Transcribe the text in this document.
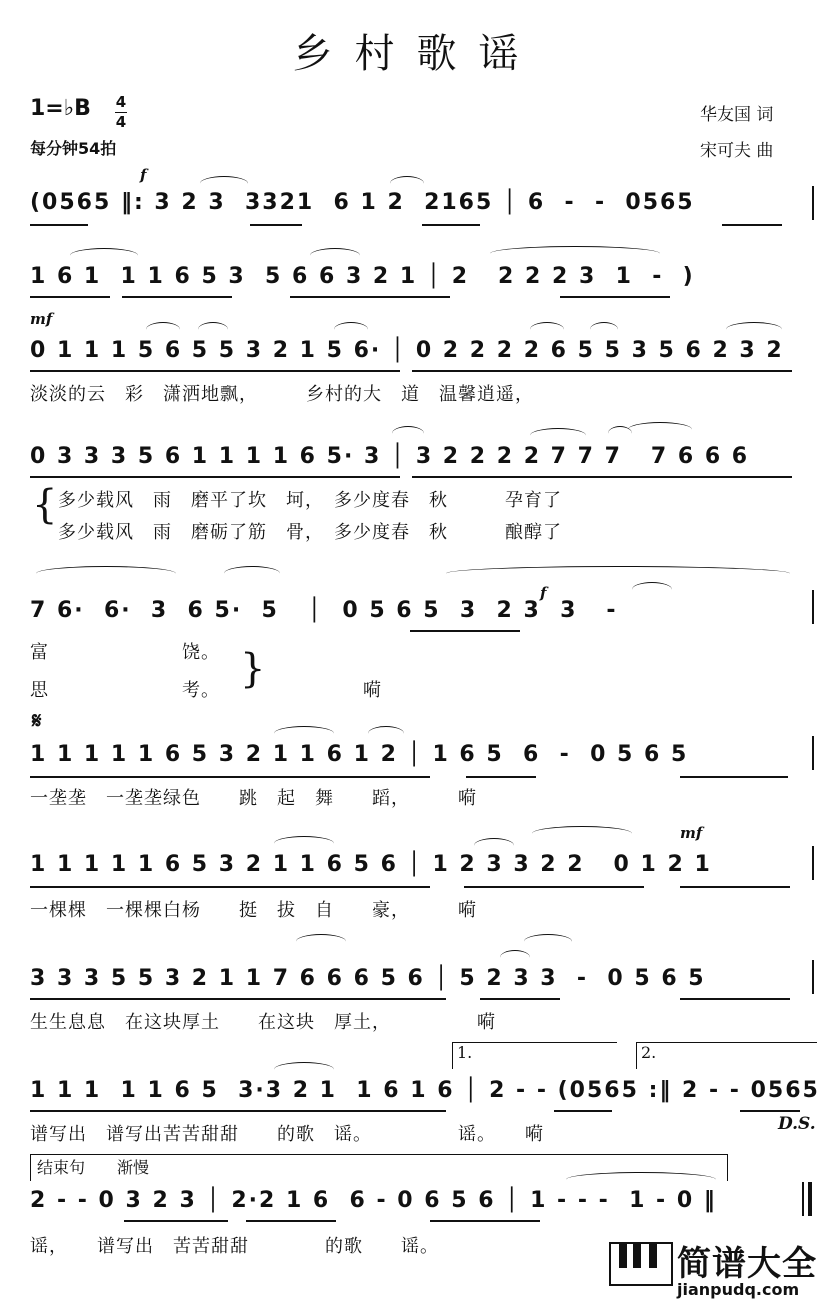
乡村歌谣
1=♭B 4
4
每分钟54拍
华友国 词
宋可夫 曲
f
(0565 ‖: 3 2 3  3321  6 1 2  2165 │ 6  -  -  0565
1 6 1  1 1 6 5 3  5 6 6 3 2 1 │ 2   2 2 2 3  1  -  )
mf
0 1 1 1 5 6 5 5 3 2 1 5 6· │ 0 2 2 2 2 6 5 5 3 5 6 2 3 2
淡淡的云　彩　潇洒地飘，　　　乡村的大　道　温馨逍遥，
0 3 3 3 5 6 1 1 1 1 6 5· 3 │ 3 2 2 2 2 7 7 7   7 6 6 6
多少载风　雨　磨平了坎　坷，　多少度春　秋　　　孕育了
多少载风　雨　磨砺了筋　骨，　多少度春　秋　　　酿醇了
{
f
7 6·  6·  3  6 5·  5   │  0 5 6 5  3  2 3  3   -
富　　　　　　　饶。
思　　　　　　　考。　　　　　　　　嗬
}
𝄋
1 1 1 1 1 6 5 3 2 1 1 6 1 2 │ 1 6 5  6  -  0 5 6 5
一垄垄　一垄垄绿色　　跳　起　舞　　蹈，　　　嗬
mf
1 1 1 1 1 6 5 3 2 1 1 6 5 6 │ 1 2 3 3 2 2   0 1 2 1
一棵棵　一棵棵白杨　　挺　拔　自　　豪，　　　嗬
3 3 3 5 5 3 2 1 1 7 6 6 6 5 6 │ 5 2 3 3  -  0 5 6 5
生生息息　在这块厚土　　在这块　厚土，　　　　　嗬
1.	2.
1 1 1  1 1 6 5  3·3 2 1  1 6 1 6 │ 2 - - (0565 :‖ 2 - - 0565
谱写出　谱写出苦苦甜甜　　的歌　谣。　　　　　谣。　　嗬	D.S.
结束句　　渐慢
2 - - 0 3 2 3 │ 2·2 1 6  6 - 0 6 5 6 │ 1 - - -  1 - 0 ‖
谣，　　谱写出　苦苦甜甜　　　　的歌　　谣。	简谱大全
jianpudq.com
